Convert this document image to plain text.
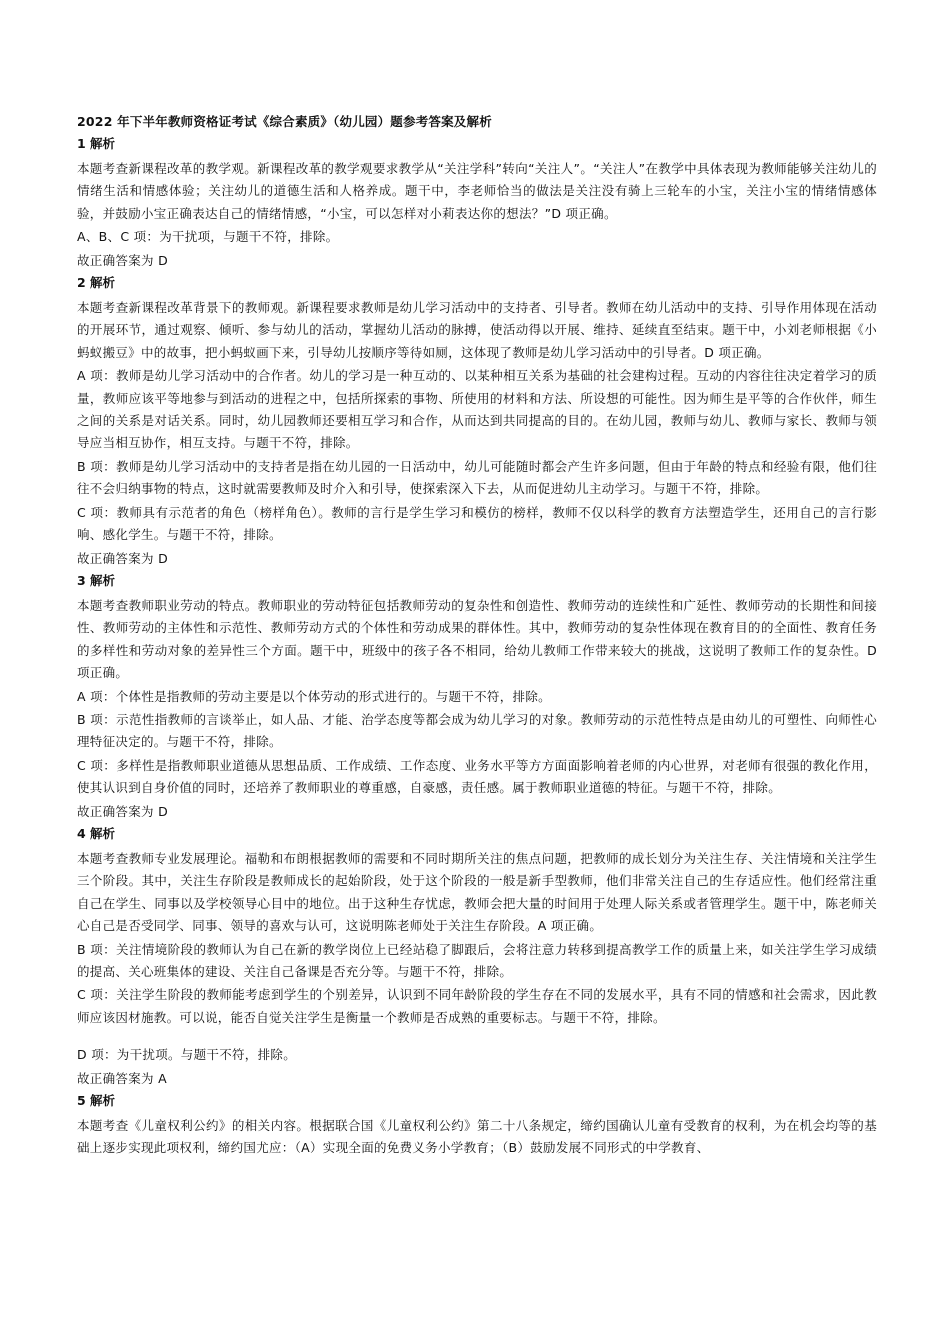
2022 年下半年教师资格证考试《综合素质》（幼儿园）题参考答案及解析
1 解析
本题考查新课程改革的教学观。新课程改革的教学观要求教学从“关注学科”转向“关注人”。“关注人”在教学中具体表现为教师能够关注幼儿的情绪生活和情感体验；关注幼儿的道德生活和人格养成。题干中，李老师恰当的做法是关注没有骑上三轮车的小宝，关注小宝的情绪情感体验，并鼓励小宝正确表达自己的情绪情感，“小宝，可以怎样对小莉表达你的想法？”D 项正确。
A、B、C 项：为干扰项，与题干不符，排除。
故正确答案为 D
2 解析
本题考查新课程改革背景下的教师观。新课程要求教师是幼儿学习活动中的支持者、引导者。教师在幼儿活动中的支持、引导作用体现在活动的开展环节，通过观察、倾听、参与幼儿的活动，掌握幼儿活动的脉搏，使活动得以开展、维持、延续直至结束。题干中，小刘老师根据《小蚂蚁搬豆》中的故事，把小蚂蚁画下来，引导幼儿按顺序等待如厕，这体现了教师是幼儿学习活动中的引导者。D 项正确。
A 项：教师是幼儿学习活动中的合作者。幼儿的学习是一种互动的、以某种相互关系为基础的社会建构过程。互动的内容往往决定着学习的质量，教师应该平等地参与到活动的进程之中，包括所探索的事物、所使用的材料和方法、所设想的可能性。因为师生是平等的合作伙伴，师生之间的关系是对话关系。同时，幼儿园教师还要相互学习和合作，从而达到共同提高的目的。在幼儿园，教师与幼儿、教师与家长、教师与领导应当相互协作，相互支持。与题干不符，排除。
B 项：教师是幼儿学习活动中的支持者是指在幼儿园的一日活动中，幼儿可能随时都会产生许多问题，但由于年龄的特点和经验有限，他们往往不会归纳事物的特点，这时就需要教师及时介入和引导，使探索深入下去，从而促进幼儿主动学习。与题干不符，排除。
C 项：教师具有示范者的角色（榜样角色）。教师的言行是学生学习和模仿的榜样，教师不仅以科学的教育方法塑造学生，还用自己的言行影响、感化学生。与题干不符，排除。
故正确答案为 D
3 解析
本题考查教师职业劳动的特点。教师职业的劳动特征包括教师劳动的复杂性和创造性、教师劳动的连续性和广延性、教师劳动的长期性和间接性、教师劳动的主体性和示范性、教师劳动方式的个体性和劳动成果的群体性。其中，教师劳动的复杂性体现在教育目的的全面性、教育任务的多样性和劳动对象的差异性三个方面。题干中，班级中的孩子各不相同，给幼儿教师工作带来较大的挑战，这说明了教师工作的复杂性。D 项正确。
A 项：个体性是指教师的劳动主要是以个体劳动的形式进行的。与题干不符，排除。
B 项：示范性指教师的言谈举止，如人品、才能、治学态度等都会成为幼儿学习的对象。教师劳动的示范性特点是由幼儿的可塑性、向师性心理特征决定的。与题干不符，排除。
C 项：多样性是指教师职业道德从思想品质、工作成绩、工作态度、业务水平等方方面面影响着老师的内心世界，对老师有很强的教化作用，使其认识到自身价值的同时，还培养了教师职业的尊重感，自豪感，责任感。属于教师职业道德的特征。与题干不符，排除。
故正确答案为 D
4 解析
本题考查教师专业发展理论。福勒和布朗根据教师的需要和不同时期所关注的焦点问题，把教师的成长划分为关注生存、关注情境和关注学生三个阶段。其中，关注生存阶段是教师成长的起始阶段，处于这个阶段的一般是新手型教师，他们非常关注自己的生存适应性。他们经常注重自己在学生、同事以及学校领导心目中的地位。出于这种生存忧虑，教师会把大量的时间用于处理人际关系或者管理学生。题干中，陈老师关心自己是否受同学、同事、领导的喜欢与认可，这说明陈老师处于关注生存阶段。A 项正确。
B 项：关注情境阶段的教师认为自己在新的教学岗位上已经站稳了脚跟后，会将注意力转移到提高教学工作的质量上来，如关注学生学习成绩的提高、关心班集体的建设、关注自己备课是否充分等。与题干不符，排除。
C 项：关注学生阶段的教师能考虑到学生的个别差异，认识到不同年龄阶段的学生存在不同的发展水平，具有不同的情感和社会需求，因此教师应该因材施教。可以说，能否自觉关注学生是衡量一个教师是否成熟的重要标志。与题干不符，排除。
D 项：为干扰项。与题干不符，排除。
故正确答案为 A
5 解析
本题考查《儿童权利公约》的相关内容。根据联合国《儿童权利公约》第二十八条规定，缔约国确认儿童有受教育的权利，为在机会均等的基础上逐步实现此项权利，缔约国尤应：（A）实现全面的免费义务小学教育；（B）鼓励发展不同形式的中学教育、
